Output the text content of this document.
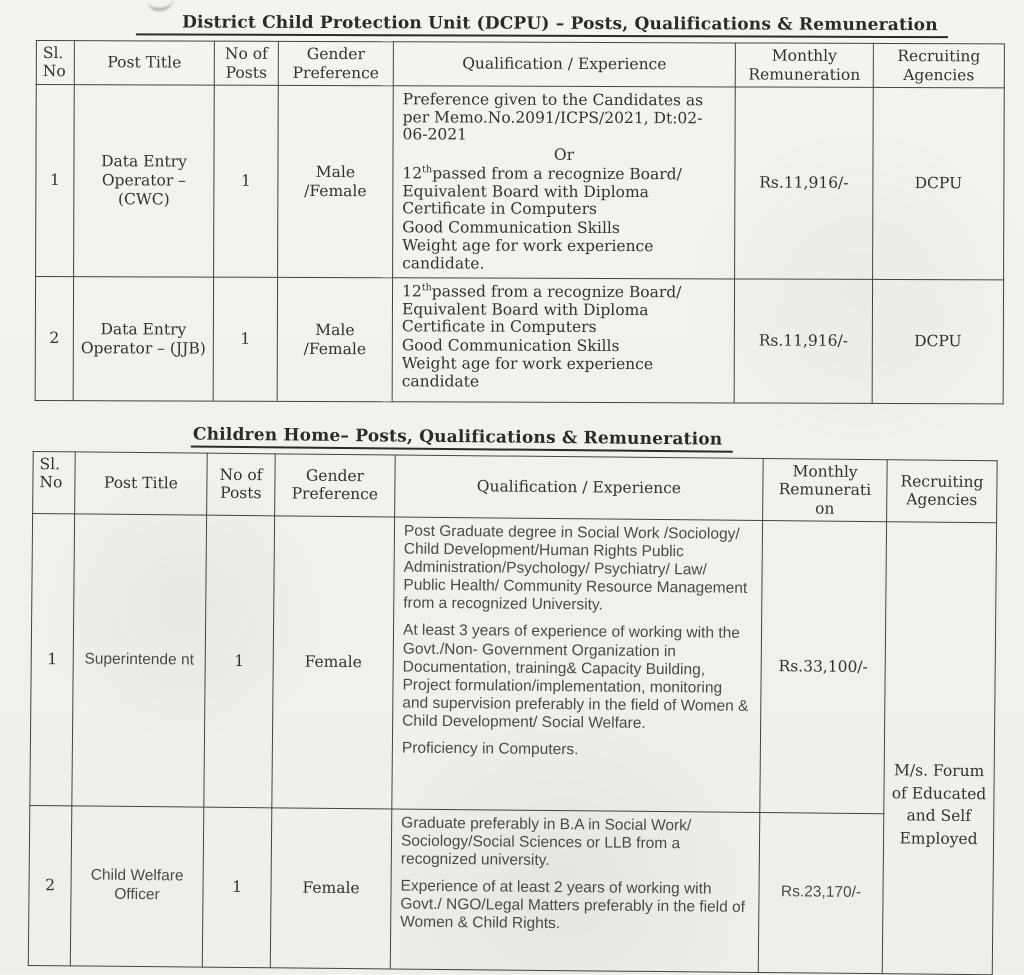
District Child Protection Unit (DCPU) – Posts, Qualifications & Remuneration
Sl. No	Post Title	No of Posts	Gender Preference	Qualification / Experience	Monthly Remuneration	Recruiting Agencies
1	Data Entry Operator – (CWC)	1	Male /Female	Preference given to the Candidates as per Memo.No.2091/ICPS/2021, Dt:02-06-2021
Or
12thpassed from a recognize Board/ Equivalent Board with Diploma Certificate in Computers
Good Communication Skills
Weight age for work experience candidate.	Rs.11,916/-	DCPU
2	Data Entry Operator – (JJB)	1	Male /Female	12thpassed from a recognize Board/ Equivalent Board with Diploma Certificate in Computers
Good Communication Skills
Weight age for work experience candidate	Rs.11,916/-	DCPU
Children Home– Posts, Qualifications & Remuneration
Sl. No	Post Title	No of Posts	Gender Preference	Qualification / Experience	Monthly Remunerati on	Recruiting Agencies
1	Superintende nt	1	Female	Post Graduate degree in Social Work /Sociology/ Child Development/Human Rights Public Administration/Psychology/ Psychiatry/ Law/ Public Health/ Community Resource Management from a recognized University.

At least 3 years of experience of working with the Govt./Non- Government Organization in Documentation, training& Capacity Building, Project formulation/implementation, monitoring and supervision preferably in the field of Women & Child Development/ Social Welfare.

Proficiency in Computers.	Rs.33,100/-	M/s. Forum of Educated and Self Employed
2	Child Welfare Officer	1	Female	Graduate preferably in B.A in Social Work/ Sociology/Social Sciences or LLB from a recognized university.

Experience of at least 2 years of working with Govt./ NGO/Legal Matters preferably in the field of Women & Child Rights.	Rs.23,170/-	
